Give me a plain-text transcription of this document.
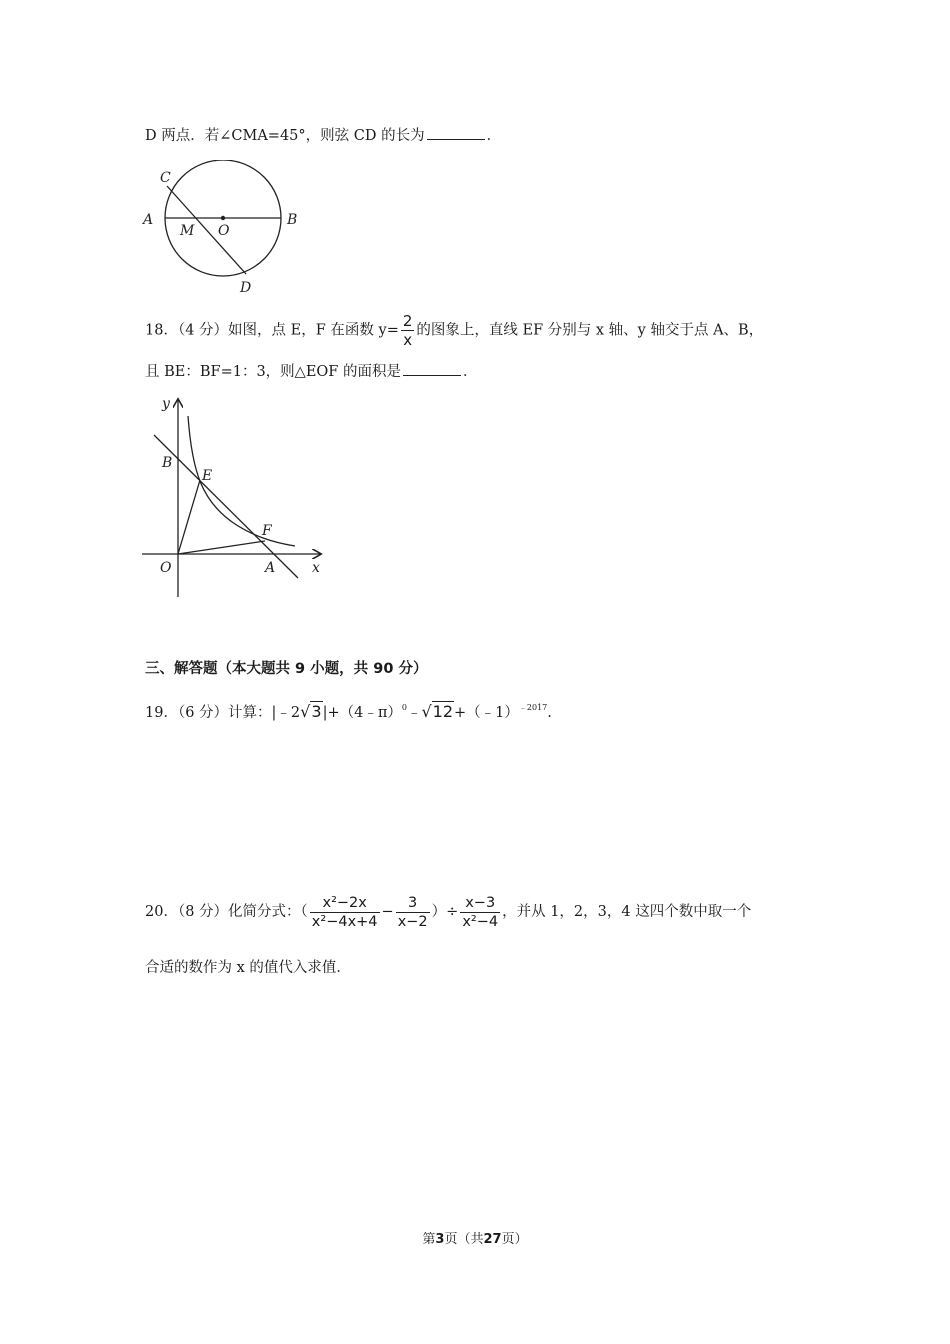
D 两点．若∠CMA=45°，则弦 CD 的长为	．
C
A
M O
B
D
18．（4 分）如图，点 E，F 在函数 $y= \frac{2}{x}$ 的图象上，直线 EF 分别与 x 轴、y 轴交于点 A、B，
且 BE：BF=1：3，则△EOF 的面积是	．
y
B
E
F
O	A	x
三、解答题（本大题共 9 小题，共 90 分）
19．（6 分）计算：|﹣2√3|+（4﹣π）$^0$﹣√12+（﹣1）$^{﹣2017}$.
20．（8 分）化简分式：（ $\frac{\text{x²−2x}}{\text{x²−4x+4}} - \frac{3}{x-2}$ ）÷ $\frac{x-3}{\text{x²−4}}$ ，并从 1，2，3，4 这四个数中取一个
合适的数作为 x 的值代入求值．
第3页（共27页）
